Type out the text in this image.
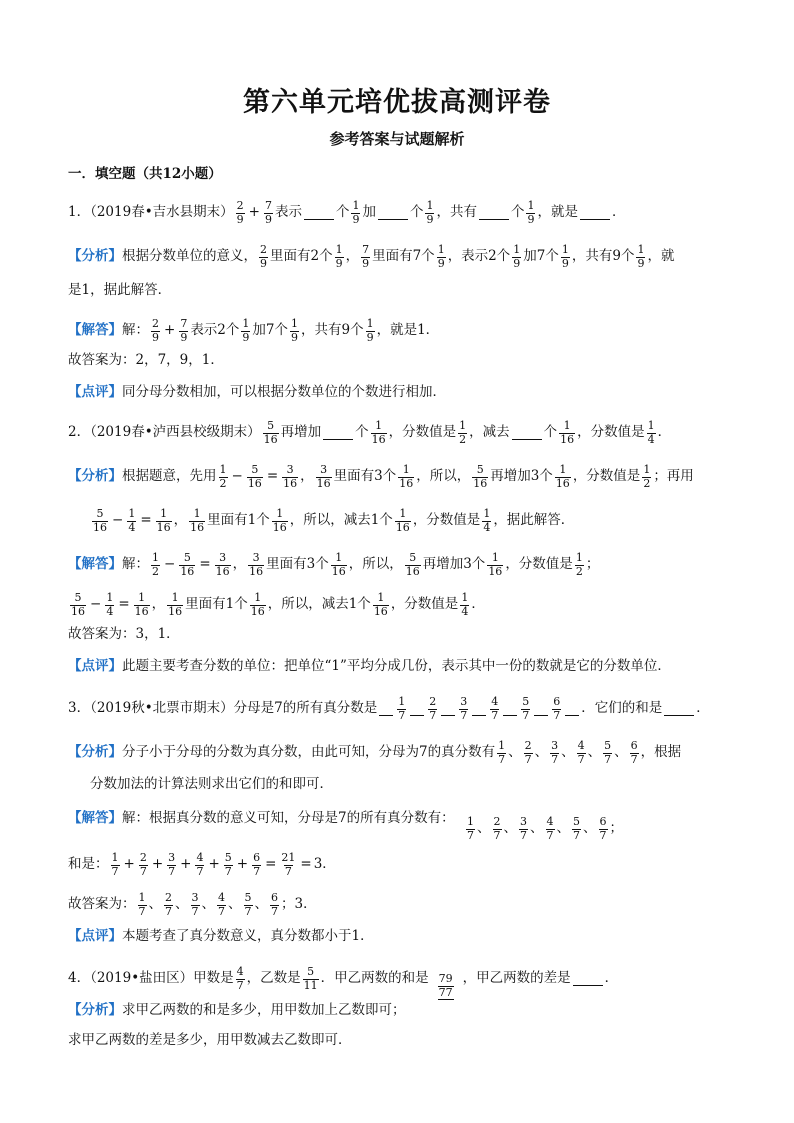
第六单元培优拔高测评卷
参考答案与试题解析
一．填空题（共12小题）
1．（2019春•吉水县期末） $\frac{2}{9} + \frac{7}{9}$ 表示	个 $\frac{1}{9}$ 加	个 $\frac{1}{9}$ ，共有	个 $\frac{1}{9}$ ，就是	．
【分析】 根据分数单位的意义， $\frac{2}{9}$ 里面有2个 $\frac{1}{9}$ ， $\frac{7}{9}$ 里面有7个 $\frac{1}{9}$ ，表示2个 $\frac{1}{9}$ 加7个 $\frac{1}{9}$ ，共有9个 $\frac{1}{9}$ ，就
是1，据此解答．
【解答】 解： $\frac{2}{9} + \frac{7}{9}$ 表示2个 $\frac{1}{9}$ 加7个 $\frac{1}{9}$ ，共有9个 $\frac{1}{9}$ ，就是1．
故答案为：2，7，9，1．
【点评】 同分母分数相加，可以根据分数单位的个数进行相加．
2．（2019春•泸西县校级期末） $\frac{5}{16}$ 再增加	个 $\frac{1}{16}$ ，分数值是 $\frac{1}{2}$ ，减去	个 $\frac{1}{16}$ ，分数值是 $\frac{1}{4}$ ．
【分析】 根据题意，先用 $\frac{1}{2} - \frac{5}{16} = \frac{3}{16}$ ， $\frac{3}{16}$ 里面有3个 $\frac{1}{16}$ ，所以， $\frac{5}{16}$ 再增加3个 $\frac{1}{16}$ ，分数值是 $\frac{1}{2}$ ；再用
$\frac{5}{16} - \frac{1}{4} = \frac{1}{16}$ ， $\frac{1}{16}$ 里面有1个 $\frac{1}{16}$ ，所以，减去1个 $\frac{1}{16}$ ，分数值是 $\frac{1}{4}$ ，据此解答．
【解答】 解： $\frac{1}{2} - \frac{5}{16} = \frac{3}{16}$ ， $\frac{3}{16}$ 里面有3个 $\frac{1}{16}$ ，所以， $\frac{5}{16}$ 再增加3个 $\frac{1}{16}$ ，分数值是 $\frac{1}{2}$ ；
$\frac{5}{16} - \frac{1}{4} = \frac{1}{16}$ ， $\frac{1}{16}$ 里面有1个 $\frac{1}{16}$ ，所以，减去1个 $\frac{1}{16}$ ，分数值是 $\frac{1}{4}$ ．
故答案为：3，1．
【点评】 此题主要考查分数的单位：把单位“1”平均分成几份，表示其中一份的数就是它的分数单位．
3．（2019秋•北票市期末） 分母是7的所有真分数是 $\frac{1}{7} \frac{2}{7} \frac{3}{7} \frac{4}{7} \frac{5}{7} \frac{6}{7}$ ．它们的和是	．
【分析】 分子小于分母的分数为真分数，由此可知，分母为7的真分数有 $\frac{1}{7}$ 、 $\frac{2}{7}$ 、 $\frac{3}{7}$ 、 $\frac{4}{7}$ 、 $\frac{5}{7}$ 、 $\frac{6}{7}$ ，根据
分数加法的计算法则求出它们的和即可．
【解答】 解：根据真分数的意义可知，分母是7的所有真分数有： $\frac{1}{7}$ 、 $\frac{2}{7}$ 、 $\frac{3}{7}$ 、 $\frac{4}{7}$ 、 $\frac{5}{7}$ 、 $\frac{6}{7}$ ；
和是： $\frac{1}{7} + \frac{2}{7} + \frac{3}{7} + \frac{4}{7} + \frac{5}{7} + \frac{6}{7} = \frac{21}{7} = 3$ ．
故答案为： $\frac{1}{7}$ 、 $\frac{2}{7}$ 、 $\frac{3}{7}$ 、 $\frac{4}{7}$ 、 $\frac{5}{7}$ 、 $\frac{6}{7}$ ；3．
【点评】 本题考查了真分数意义，真分数都小于1．
4．（2019•盐田区） 甲数是 $\frac{4}{7}$ ，乙数是 $\frac{5}{11}$ ．甲乙两数的和是 $\frac{79}{77}$ ，甲乙两数的差是	．
【分析】 求甲乙两数的和是多少，用甲数加上乙数即可；
求甲乙两数的差是多少，用甲数减去乙数即可．
